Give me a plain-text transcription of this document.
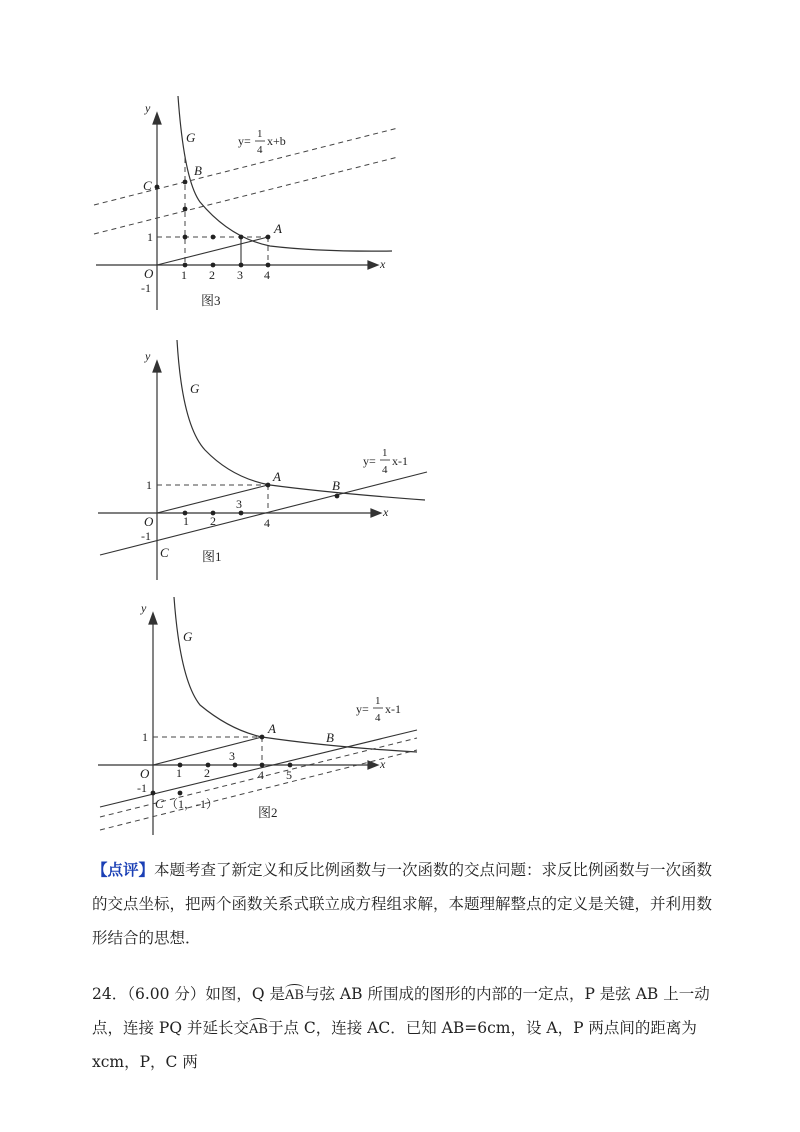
y
x
G
B
C
A
O
1
-1
1 2 3 4
y= 1
4
x+b
图3
y
x
G
A
B
C
O
1
-1
1 2
3
4
y=
1
4
x-1
图1
y
x
G
A
B
O
C
1
-1
1 2
3
4 5
（1，-1）
y=
1
4
x-1
图2
【点评】本题考查了新定义和反比例函数与一次函数的交点问题：求反比例函数与一次函数的交点坐标，把两个函数关系式联立成方程组求解，本题理解整点的定义是关键，并利用数形结合的思想．
24．（6.00 分）如图，Q 是AB与弦 AB 所围成的图形的内部的一定点，P 是弦 AB 上一动点，连接 PQ 并延长交AB于点 C，连接 AC．已知 AB=6cm，设 A，P 两点间的距离为 xcm，P，C 两
